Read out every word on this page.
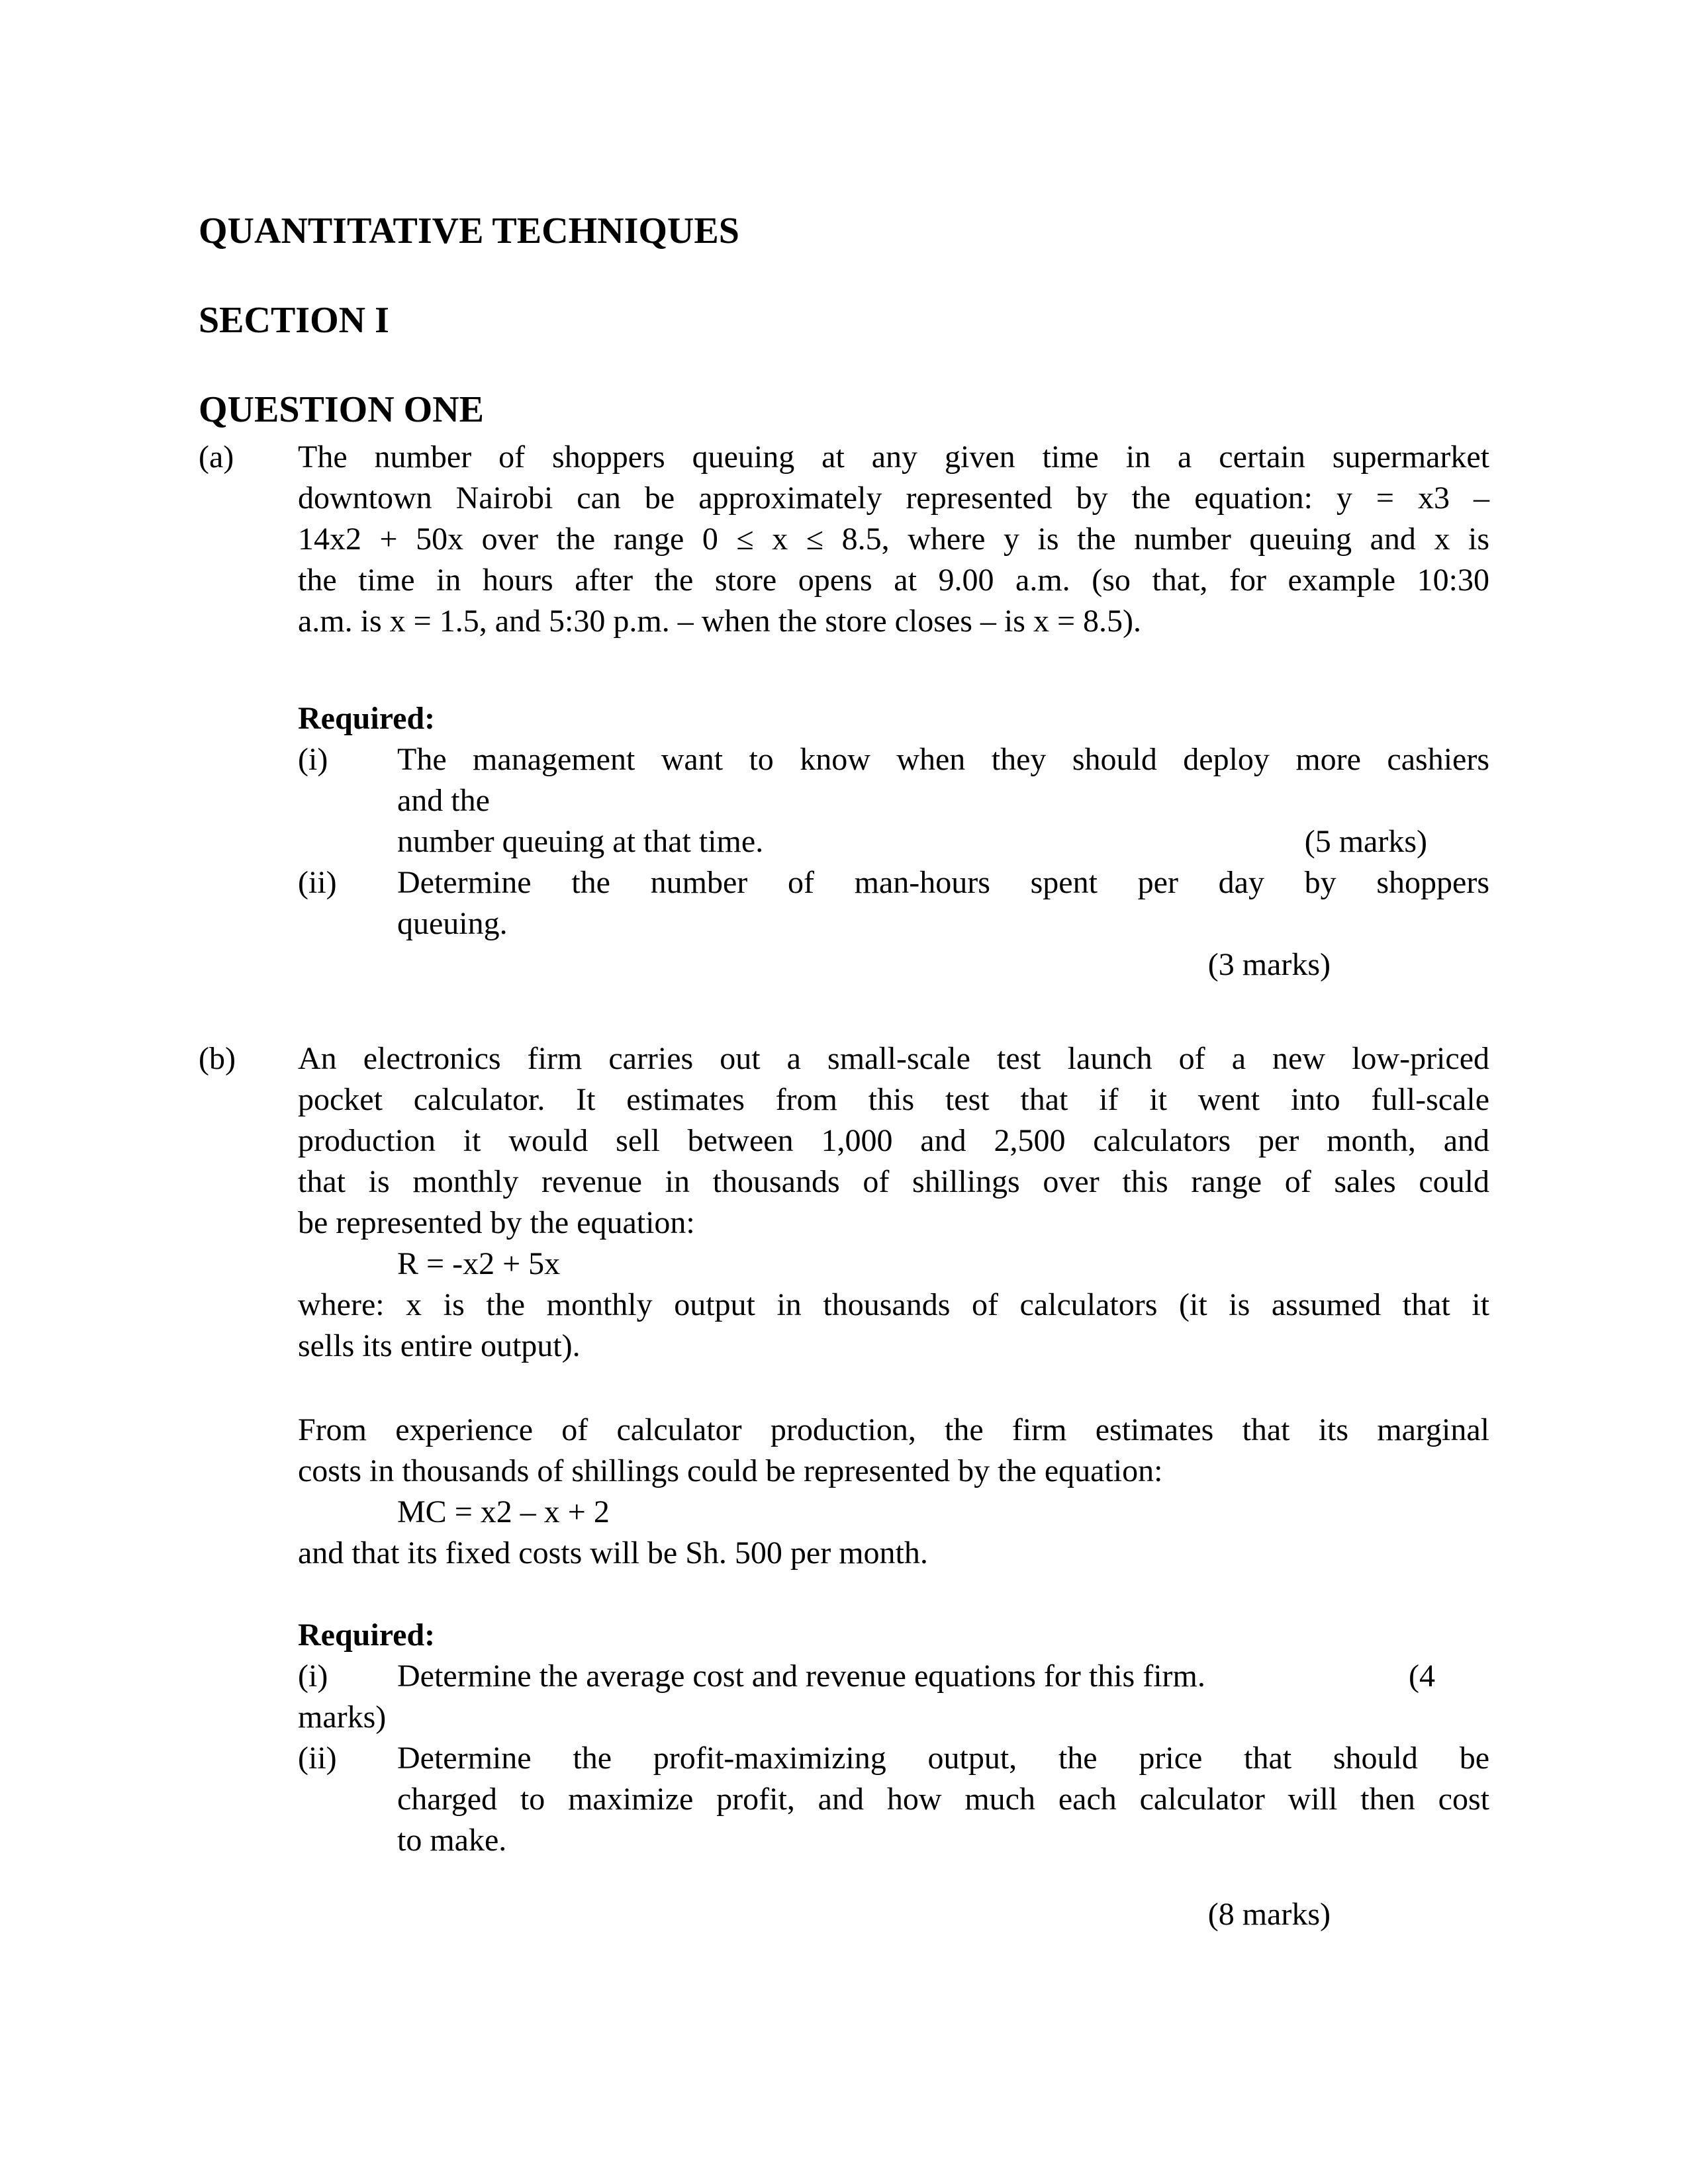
QUANTITATIVE TECHNIQUES
SECTION I
QUESTION ONE
(a)	The number of shoppers queuing at any given time in a certain supermarket
downtown Nairobi can be approximately represented by the equation: y = x3 –
14x2 + 50x over the range 0 ≤ x ≤ 8.5, where y is the number queuing and x is
the time in hours after the store opens at 9.00 a.m. (so that, for example 10:30
a.m. is x = 1.5, and 5:30 p.m. – when the store closes – is x = 8.5).
Required:
(i)	The management want to know when they should deploy more cashiers
and the
number queuing at that time.	(5 marks)
(ii)	Determine the number of man-hours spent per day by shoppers
queuing.
(3 marks)
(b)	An electronics firm carries out a small-scale test launch of a new low-priced
pocket calculator. It estimates from this test that if it went into full-scale
production it would sell between 1,000 and 2,500 calculators per month, and
that is monthly revenue in thousands of shillings over this range of sales could
be represented by the equation:
R = -x2 + 5x
where: x is the monthly output in thousands of calculators (it is assumed that it
sells its entire output).
From experience of calculator production, the firm estimates that its marginal
costs in thousands of shillings could be represented by the equation:
MC = x2 – x + 2
and that its fixed costs will be Sh. 500 per month.
Required:
(i)	Determine the average cost and revenue equations for this firm.	(4
marks)
(ii)	Determine the profit-maximizing output, the price that should be
charged to maximize profit, and how much each calculator will then cost
to make.
(8 marks)
